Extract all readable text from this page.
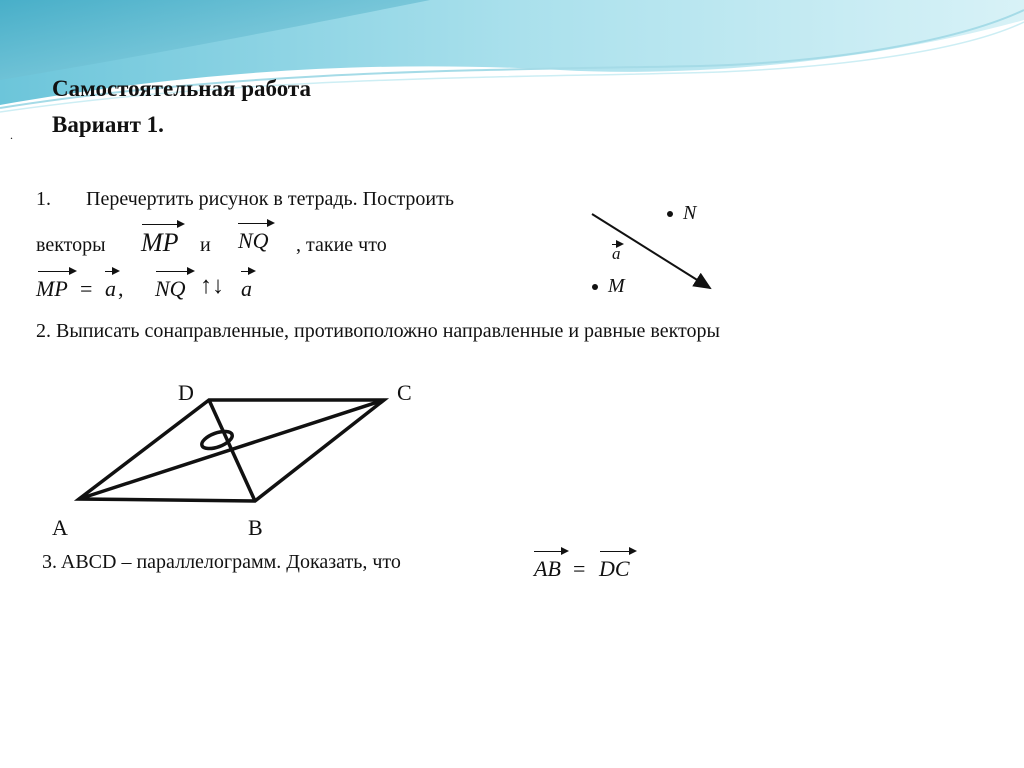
Самостоятельная работа
Вариант 1.
.
1. Перечертить рисунок в тетрадь. Построить
векторы MP и NQ , такие что
MP = a , NQ ↑↓ a
N
M
a
2. Выписать сонаправленные, противоположно направленные и равные векторы
D	C
A	B
3. ABCD – параллелограмм. Доказать, что	AB = DC
